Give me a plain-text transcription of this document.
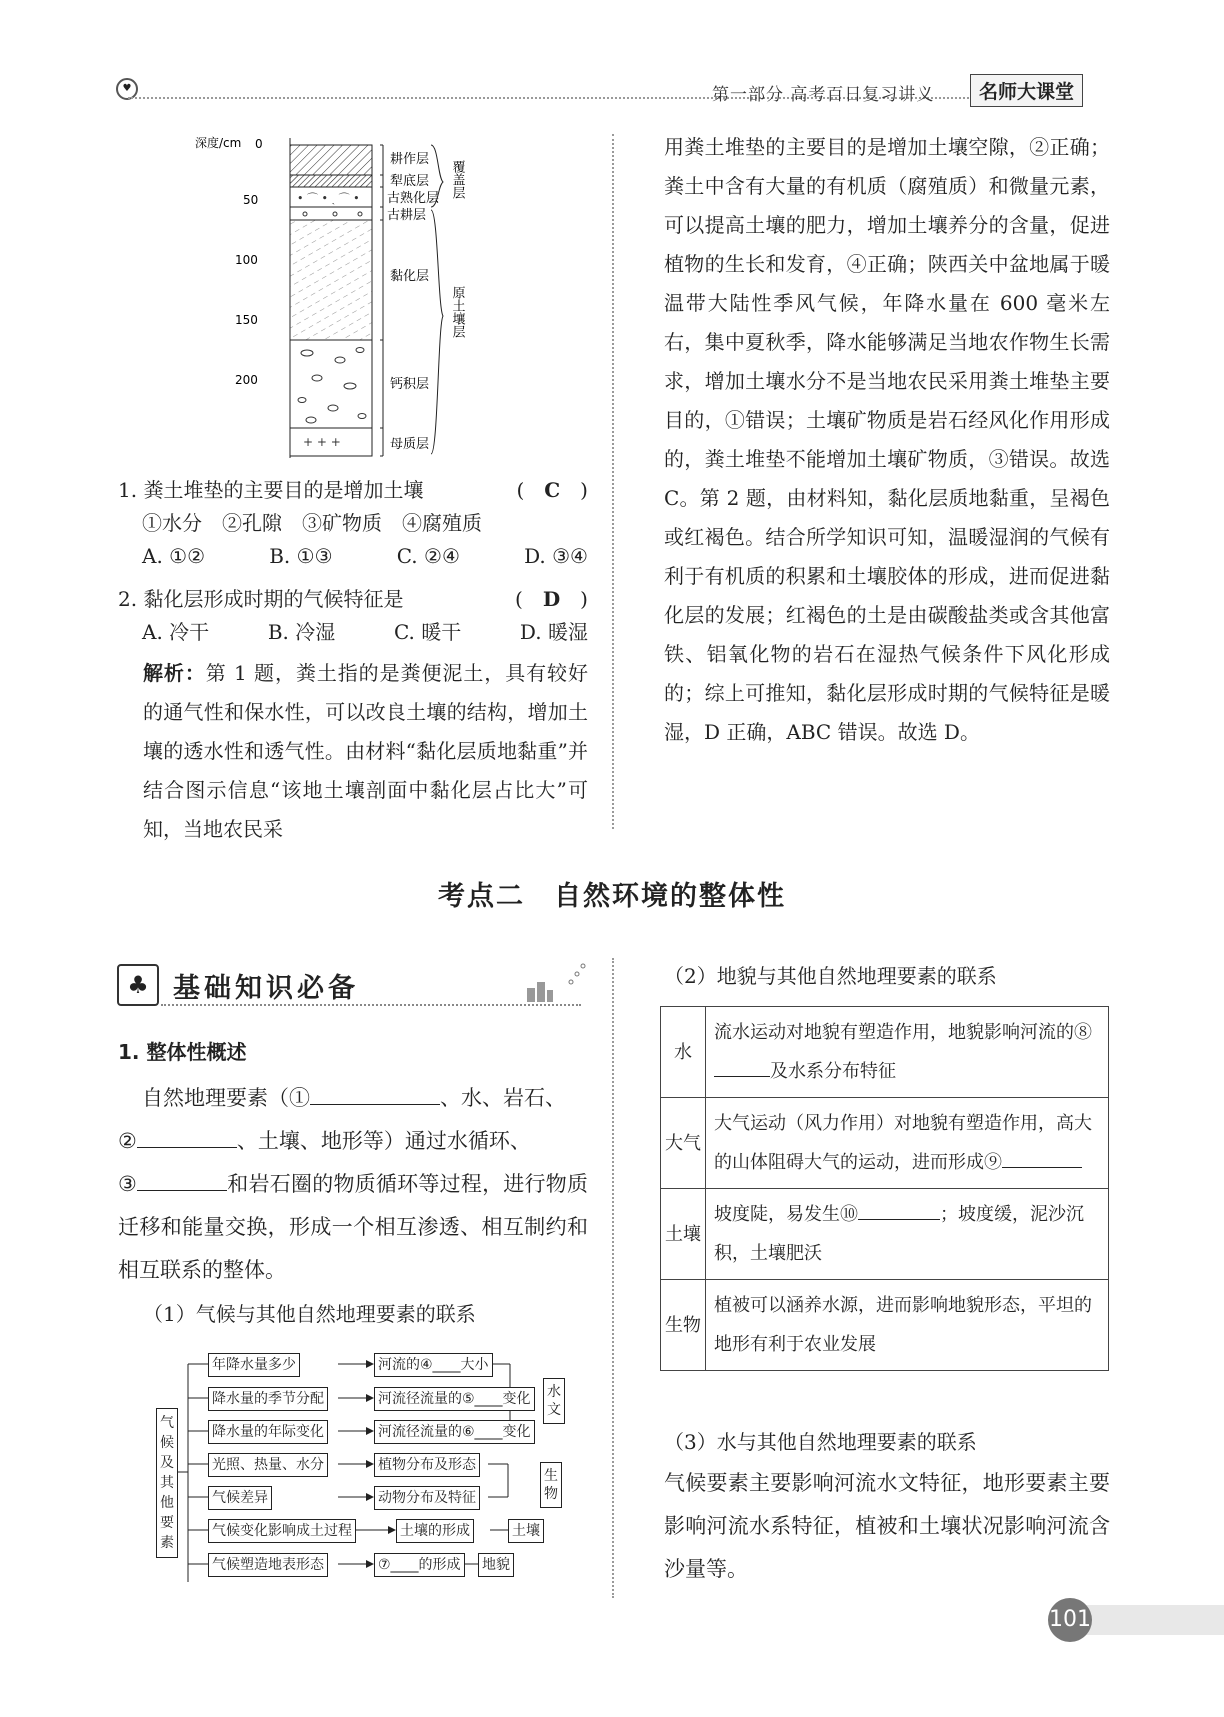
♥	第一部分 高考百日复习讲义	名师大课堂
• ⌒ • ˏ ⌒ •
+ + +
深度/cm 0
50
100
150
200
耕作层
犁底层
古熟化层
古耕层
黏化层
钙积层
母质层
覆盖层
原土壤层
1. 粪土堆垫的主要目的是增加土壤	(　C　)
①水分　②孔隙　③矿物质　④腐殖质
A. ①②	B. ①③	C. ②④	D. ③④
2. 黏化层形成时期的气候特征是	(　D　)
A. 冷干	B. 冷湿	C. 暖干	D. 暖湿
解析：第 1 题，粪土指的是粪便泥土，具有较好的通气性和保水性，可以改良土壤的结构，增加土壤的透水性和透气性。由材料“黏化层质地黏重”并结合图示信息“该地土壤剖面中黏化层占比大”可知，当地农民采
用粪土堆垫的主要目的是增加土壤空隙，②正确；粪土中含有大量的有机质（腐殖质）和微量元素，可以提高土壤的肥力，增加土壤养分的含量，促进植物的生长和发育，④正确；陕西关中盆地属于暖温带大陆性季风气候，年降水量在 600 毫米左右，集中夏秋季，降水能够满足当地农作物生长需求，增加土壤水分不是当地农民采用粪土堆垫主要目的，①错误；土壤矿物质是岩石经风化作用形成的，粪土堆垫不能增加土壤矿物质，③错误。故选 C。第 2 题，由材料知，黏化层质地黏重，呈褐色或红褐色。结合所学知识可知，温暖湿润的气候有利于有机质的积累和土壤胶体的形成，进而促进黏化层的发展；红褐色的土是由碳酸盐类或含其他富铁、铝氧化物的岩石在湿热气候条件下风化形成的；综上可推知，黏化层形成时期的气候特征是暖湿，D 正确，ABC 错误。故选 D。
考点二　自然环境的整体性
♣ 基础知识必备
1. 整体性概述
自然地理要素（①	、水、岩石、
②	、土壤、地形等）通过水循环、
③	和岩石圈的物质循环等过程，进行物质迁移和能量交换，形成一个相互渗透、相互制约和相互联系的整体。
（1）气候与其他自然地理要素的联系
气候及其他要素
年降水量多少
降水量的季节分配
降水量的年际变化
光照、热量、水分
气候差异
气候变化影响成土过程
气候塑造地表形态
河流的④____大小
河流径流量的⑤____变化
河流径流量的⑥____变化
植物分布及形态
动物分布及特征
土壤的形成
⑦____的形成
水文
生物
土壤
地貌
（2）地貌与其他自然地理要素的联系
水	流水运动对地貌有塑造作用，地貌影响河流的⑧及水系分布特征
大气	大气运动（风力作用）对地貌有塑造作用，高大的山体阻碍大气的运动，进而形成⑨
土壤	坡度陡，易发生⑩ ；坡度缓，泥沙沉积，土壤肥沃
生物	植被可以涵养水源，进而影响地貌形态，平坦的地形有利于农业发展
（3）水与其他自然地理要素的联系
气候要素主要影响河流水文特征，地形要素主要影响河流水系特征，植被和土壤状况影响河流含沙量等。
101
